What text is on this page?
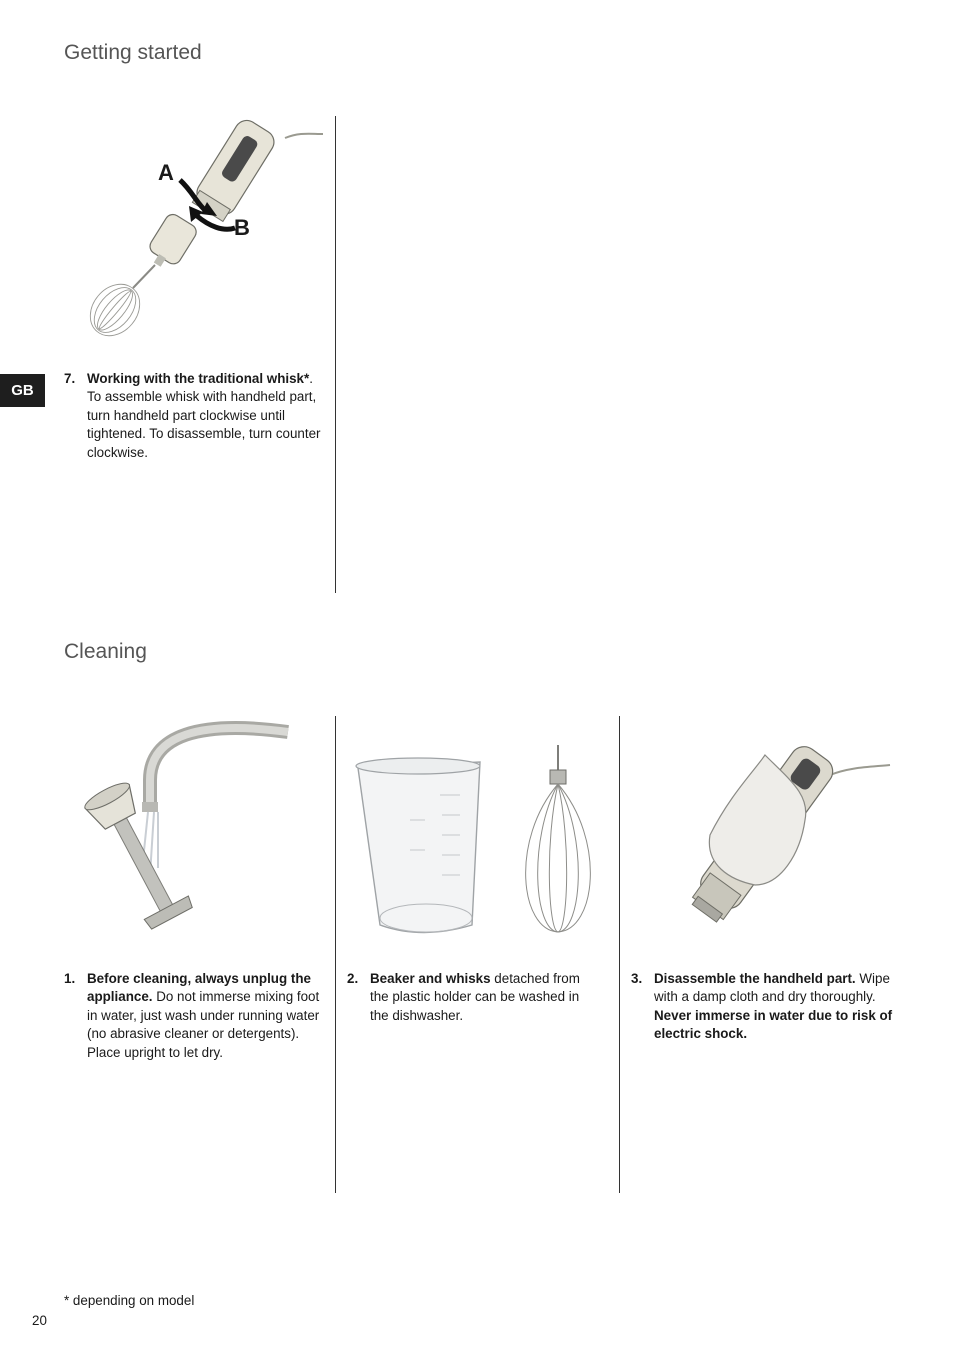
Getting started
Cleaning
GB
A
B
7. Working with the traditional whisk*. To assemble whisk with handheld part, turn handheld part clockwise until tightened. To disassemble, turn counter clockwise.
1. Before cleaning, always unplug the appliance. Do not immerse mixing foot in water, just wash under running water (no abrasive cleaner or detergents). Place upright to let dry.
2. Beaker and whisks detached from the plastic holder can be washed in the dishwasher.
3. Disassemble the handheld part. Wipe with a damp cloth and dry thoroughly. Never immerse in water due to risk of electric shock.
* depending on model
20
